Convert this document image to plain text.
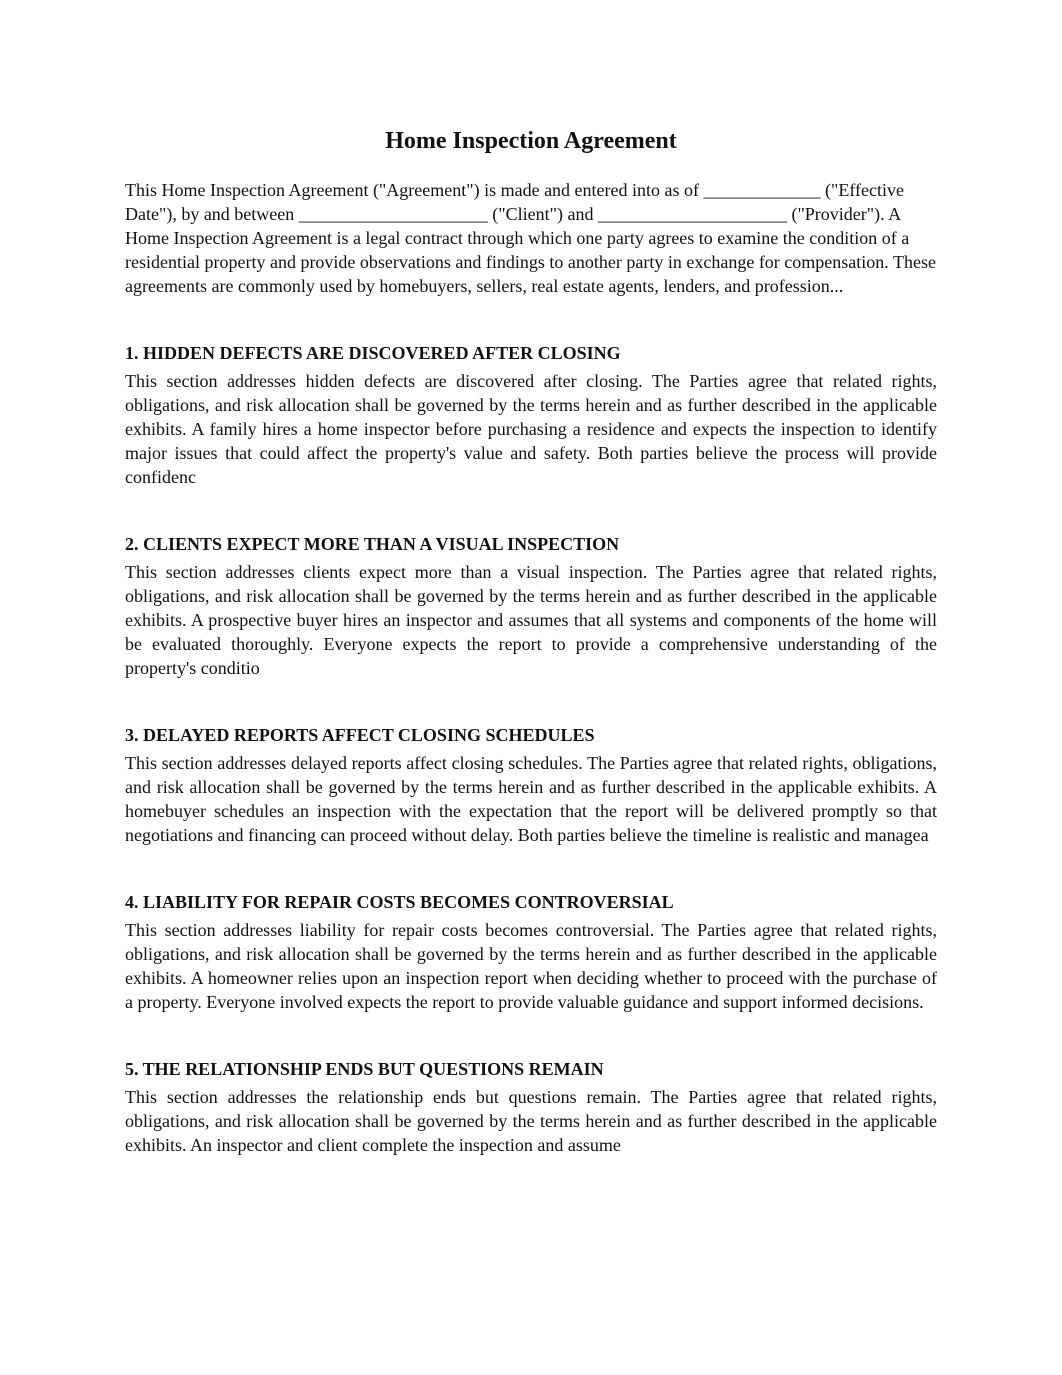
Home Inspection Agreement

This Home Inspection Agreement ("Agreement") is made and entered into as of _____________ ("Effective Date"), by and between _____________________ ("Client") and _____________________ ("Provider"). A Home Inspection Agreement is a legal contract through which one party agrees to examine the condition of a residential property and provide observations and findings to another party in exchange for compensation. These agreements are commonly used by homebuyers, sellers, real estate agents, lenders, and profession...

1. HIDDEN DEFECTS ARE DISCOVERED AFTER CLOSING

This section addresses hidden defects are discovered after closing. The Parties agree that related rights, obligations, and risk allocation shall be governed by the terms herein and as further described in the applicable exhibits. A family hires a home inspector before purchasing a residence and expects the inspection to identify major issues that could affect the property's value and safety. Both parties believe the process will provide confidenc

2. CLIENTS EXPECT MORE THAN A VISUAL INSPECTION

This section addresses clients expect more than a visual inspection. The Parties agree that related rights, obligations, and risk allocation shall be governed by the terms herein and as further described in the applicable exhibits. A prospective buyer hires an inspector and assumes that all systems and components of the home will be evaluated thoroughly. Everyone expects the report to provide a comprehensive understanding of the property's conditio

3. DELAYED REPORTS AFFECT CLOSING SCHEDULES

This section addresses delayed reports affect closing schedules. The Parties agree that related rights, obligations, and risk allocation shall be governed by the terms herein and as further described in the applicable exhibits. A homebuyer schedules an inspection with the expectation that the report will be delivered promptly so that negotiations and financing can proceed without delay. Both parties believe the timeline is realistic and managea

4. LIABILITY FOR REPAIR COSTS BECOMES CONTROVERSIAL

This section addresses liability for repair costs becomes controversial. The Parties agree that related rights, obligations, and risk allocation shall be governed by the terms herein and as further described in the applicable exhibits. A homeowner relies upon an inspection report when deciding whether to proceed with the purchase of a property. Everyone involved expects the report to provide valuable guidance and support informed decisions.

5. THE RELATIONSHIP ENDS BUT QUESTIONS REMAIN

This section addresses the relationship ends but questions remain. The Parties agree that related rights, obligations, and risk allocation shall be governed by the terms herein and as further described in the applicable exhibits. An inspector and client complete the inspection and assume
